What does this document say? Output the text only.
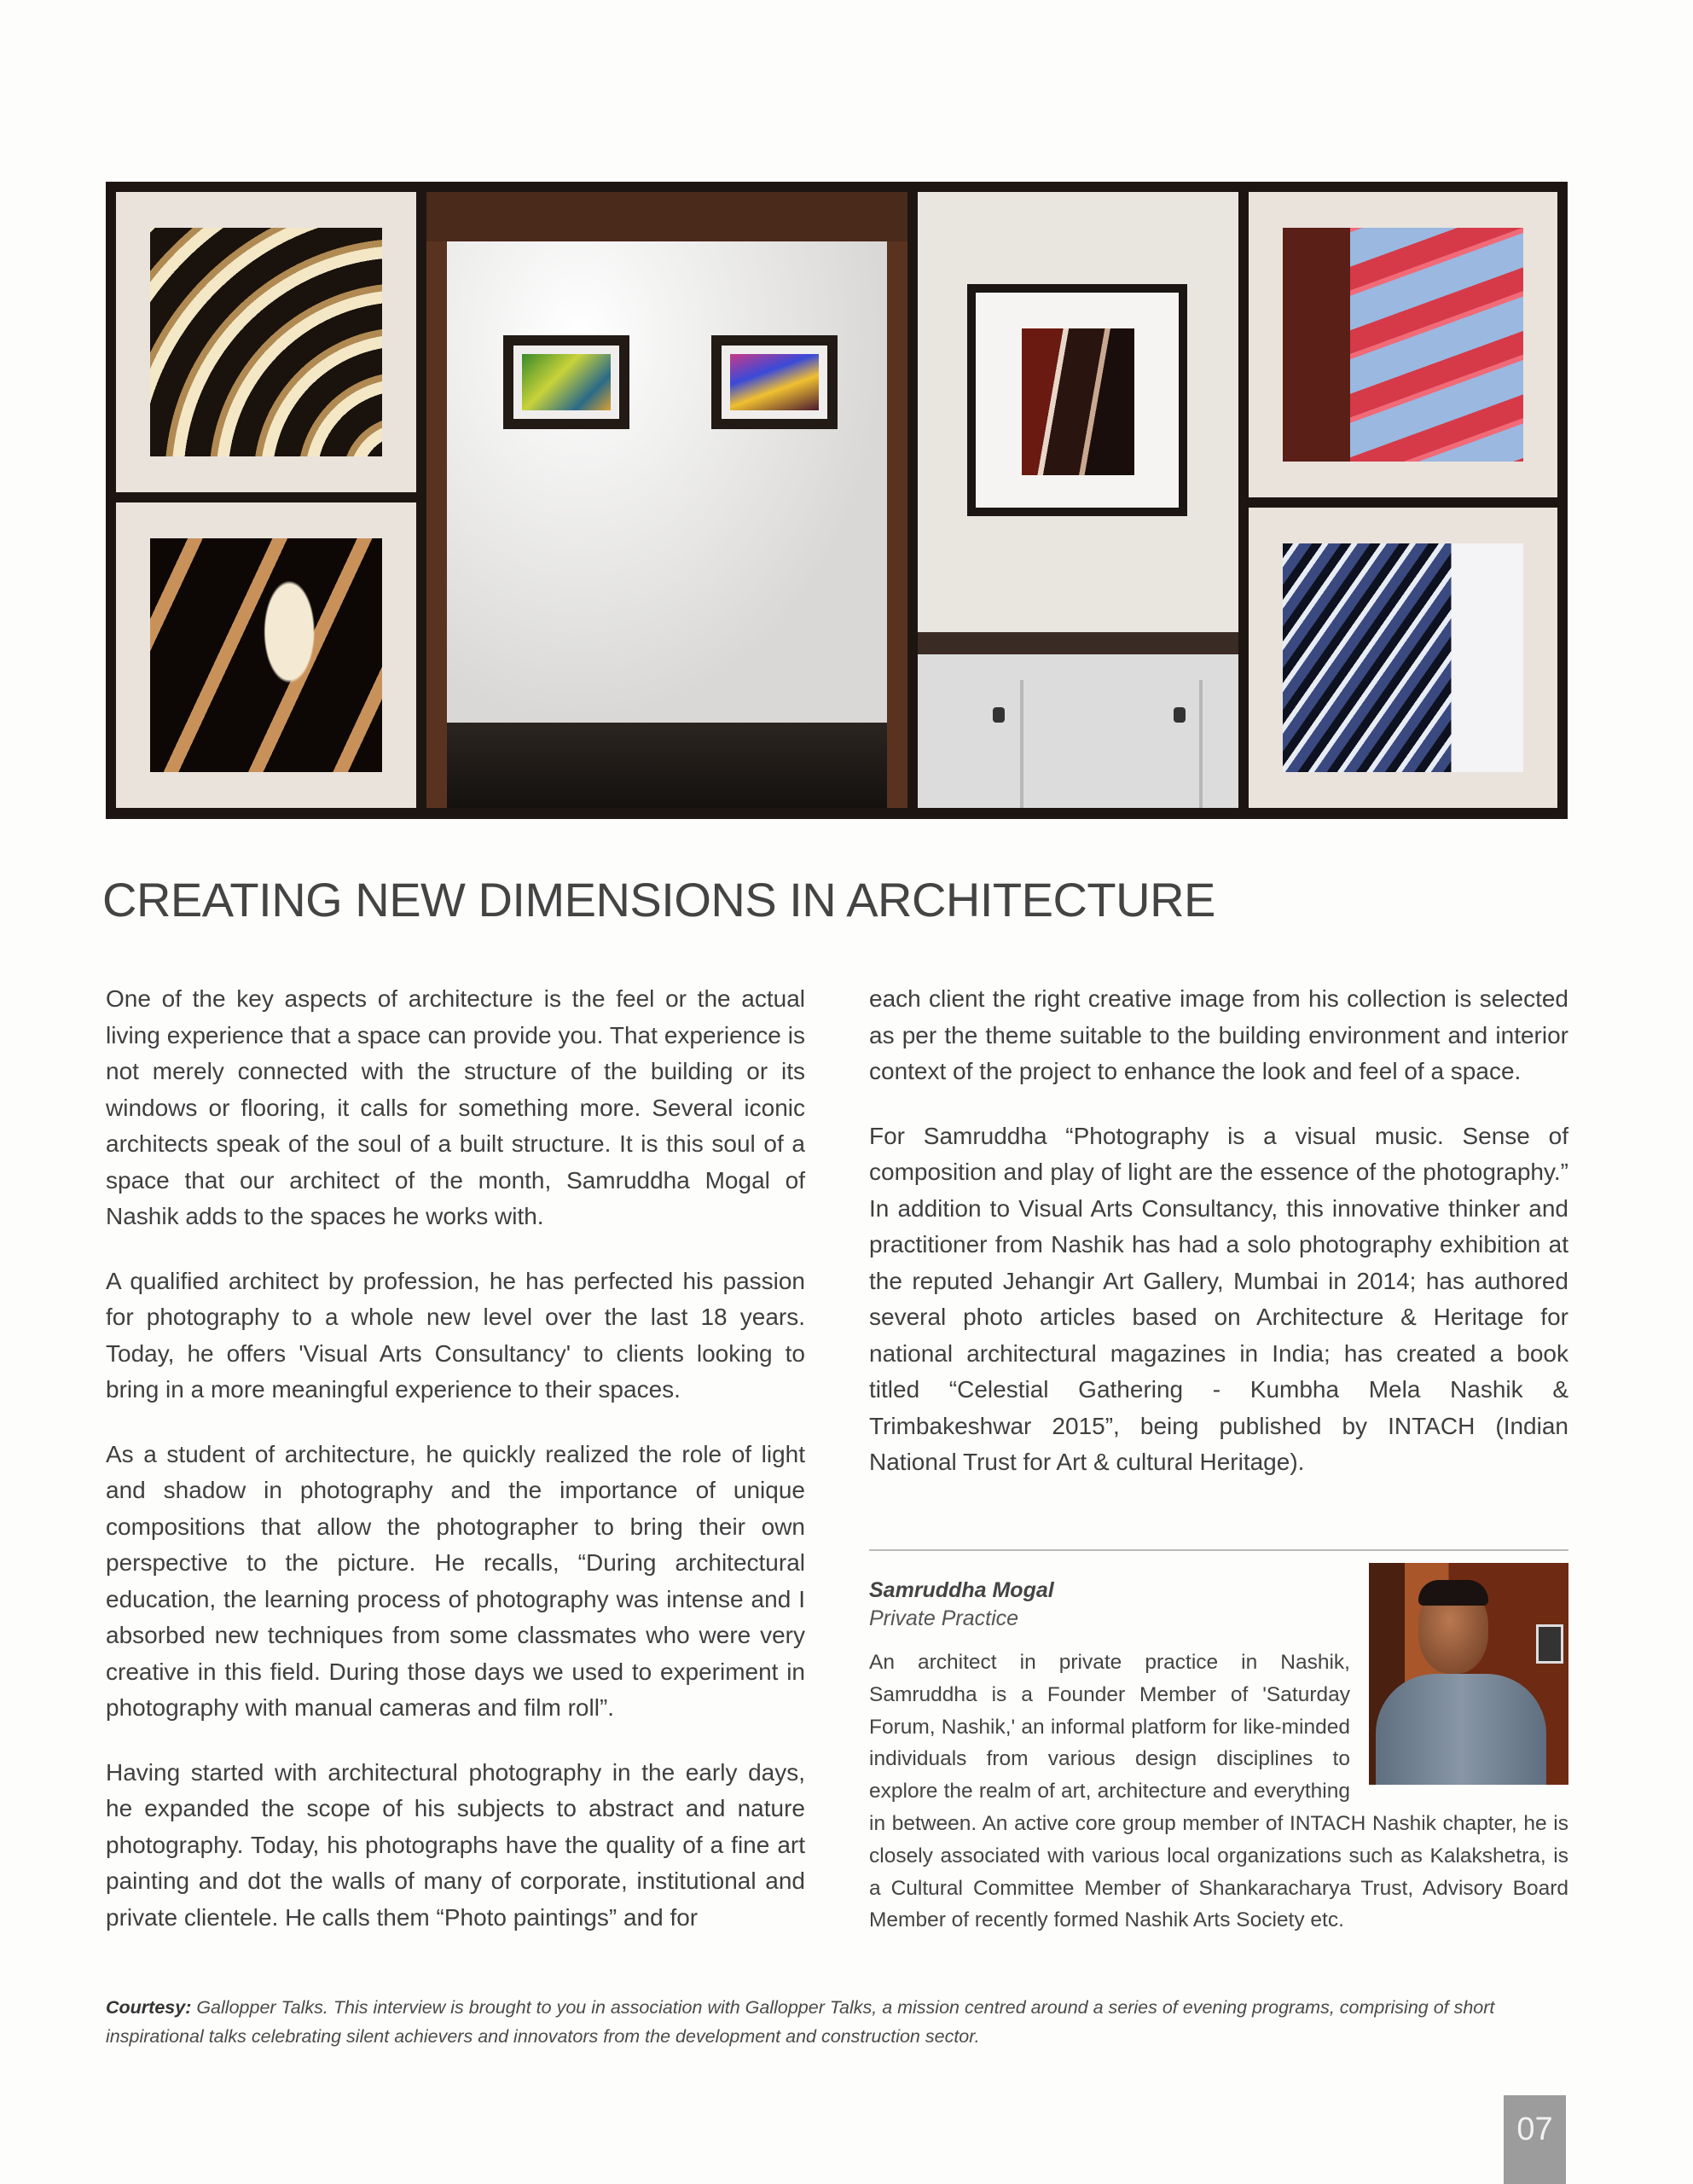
CREATING NEW DIMENSIONS IN ARCHITECTURE

One of the key aspects of architecture is the feel or the actual living experience that a space can provide you. That experience is not merely connected with the structure of the building or its windows or flooring, it calls for something more. Several iconic architects speak of the soul of a built structure. It is this soul of a space that our architect of the month, Samruddha Mogal of Nashik adds to the spaces he works with.

A qualified architect by profession, he has perfected his passion for photography to a whole new level over the last 18 years. Today, he offers 'Visual Arts Consultancy' to clients looking to bring in a more meaningful experience to their spaces.

As a student of architecture, he quickly realized the role of light and shadow in photography and the importance of unique compositions that allow the photographer to bring their own perspective to the picture. He recalls, “During architectural education, the learning process of photography was intense and I absorbed new techniques from some classmates who were very creative in this field. During those days we used to experiment in photography with manual cameras and film roll”.

Having started with architectural photography in the early days, he expanded the scope of his subjects to abstract and nature photography. Today, his photographs have the quality of a fine art painting and dot the walls of many of corporate, institutional and private clientele. He calls them “Photo paintings” and for

each client the right creative image from his collection is selected as per the theme suitable to the building environment and interior context of the project to enhance the look and feel of a space.

For Samruddha “Photography is a visual music. Sense of composition and play of light are the essence of the photography.” In addition to Visual Arts Consultancy, this innovative thinker and practitioner from Nashik has had a solo photography exhibition at the reputed Jehangir Art Gallery, Mumbai in 2014; has authored several photo articles based on Architecture & Heritage for national architectural magazines in India; has created a book titled “Celestial Gathering - Kumbha Mela Nashik & Trimbakeshwar 2015”, being published by INTACH (Indian National Trust for Art & cultural Heritage).

Samruddha Mogal
Private Practice
An architect in private practice in Nashik, Samruddha is a Founder Member of 'Saturday Forum, Nashik,' an informal platform for like-minded individuals from various design disciplines to explore the realm of art, architecture and everything in between. An active core group member of INTACH Nashik chapter, he is closely associated with various local organizations such as Kalakshetra, is a Cultural Committee Member of Shankaracharya Trust, Advisory Board Member of recently formed Nashik Arts Society etc.

Courtesy: Gallopper Talks. This interview is brought to you in association with Gallopper Talks, a mission centred around a series of evening programs, comprising of short inspirational talks celebrating silent achievers and innovators from the development and construction sector.

07
